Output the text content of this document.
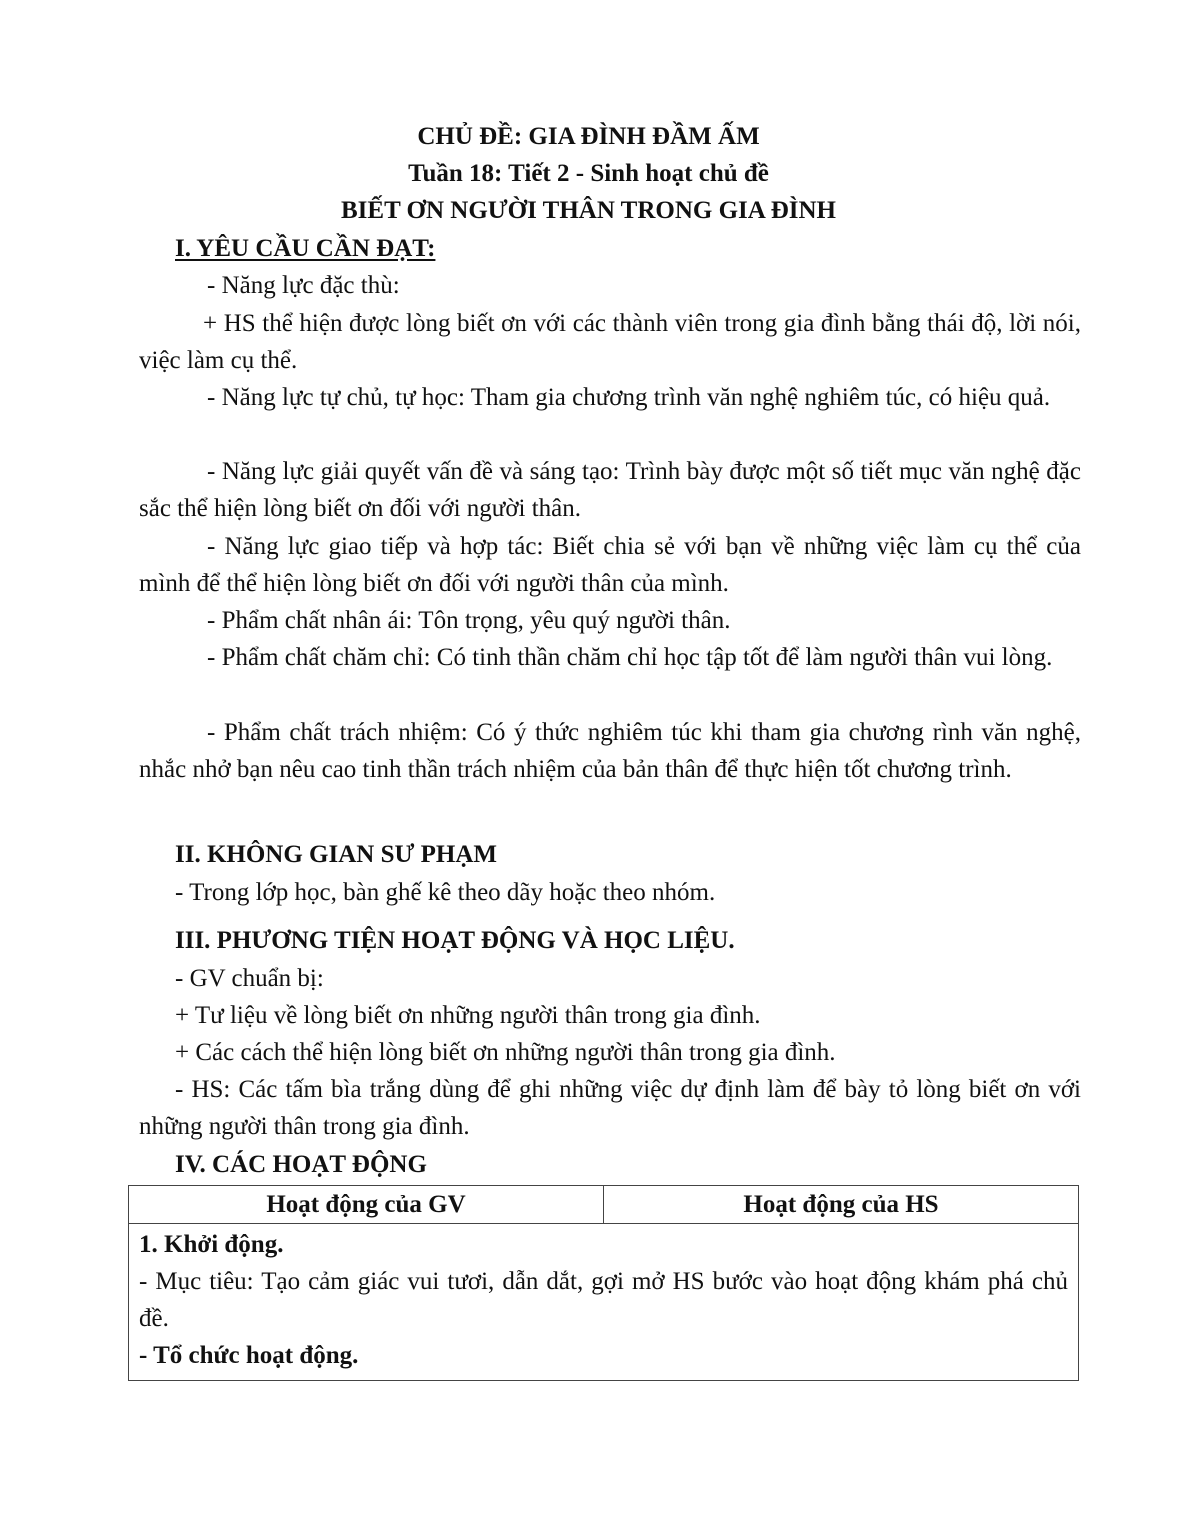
CHỦ ĐỀ: GIA ĐÌNH ĐẦM ẤM
Tuần 18: Tiết 2 - Sinh hoạt chủ đề
BIẾT ƠN NGƯỜI THÂN TRONG GIA ĐÌNH
I. YÊU CẦU CẦN ĐẠT:
- Năng lực đặc thù:
+ HS thể hiện được lòng biết ơn với các thành viên trong gia đình bằng thái độ, lời nói, việc làm cụ thể.
- Năng lực tự chủ, tự học: Tham gia chương trình văn nghệ nghiêm túc, có hiệu quả.
- Năng lực giải quyết vấn đề và sáng tạo: Trình bày được một số tiết mục văn nghệ đặc sắc thể hiện lòng biết ơn đối với người thân.
- Năng lực giao tiếp và hợp tác: Biết chia sẻ với bạn về những việc làm cụ thể của mình để thể hiện lòng biết ơn đối với người thân của mình.
- Phẩm chất nhân ái: Tôn trọng, yêu quý người thân.
- Phẩm chất chăm chỉ: Có tinh thần chăm chỉ học tập tốt để làm người thân vui lòng.
- Phẩm chất trách nhiệm: Có ý thức nghiêm túc khi tham gia chương rình văn nghệ, nhắc nhở bạn nêu cao tinh thần trách nhiệm của bản thân để thực hiện tốt chương trình.
II. KHÔNG GIAN SƯ PHẠM
- Trong lớp học, bàn ghế kê theo dãy hoặc theo nhóm.
III. PHƯƠNG TIỆN HOẠT ĐỘNG VÀ HỌC LIỆU.
- GV chuẩn bị:
+ Tư liệu về lòng biết ơn những người thân trong gia đình.
+ Các cách thể hiện lòng biết ơn những người thân trong gia đình.
- HS: Các tấm bìa trắng dùng để ghi những việc dự định làm để bày tỏ lòng biết ơn với những người thân trong gia đình.
IV. CÁC HOẠT ĐỘNG
Hoạt động của GV	Hoạt động của HS

1. Khởi động.
- Mục tiêu: Tạo cảm giác vui tươi, dẫn dắt, gợi mở HS bước vào hoạt động khám phá chủ đề.
- Tổ chức hoạt động.
